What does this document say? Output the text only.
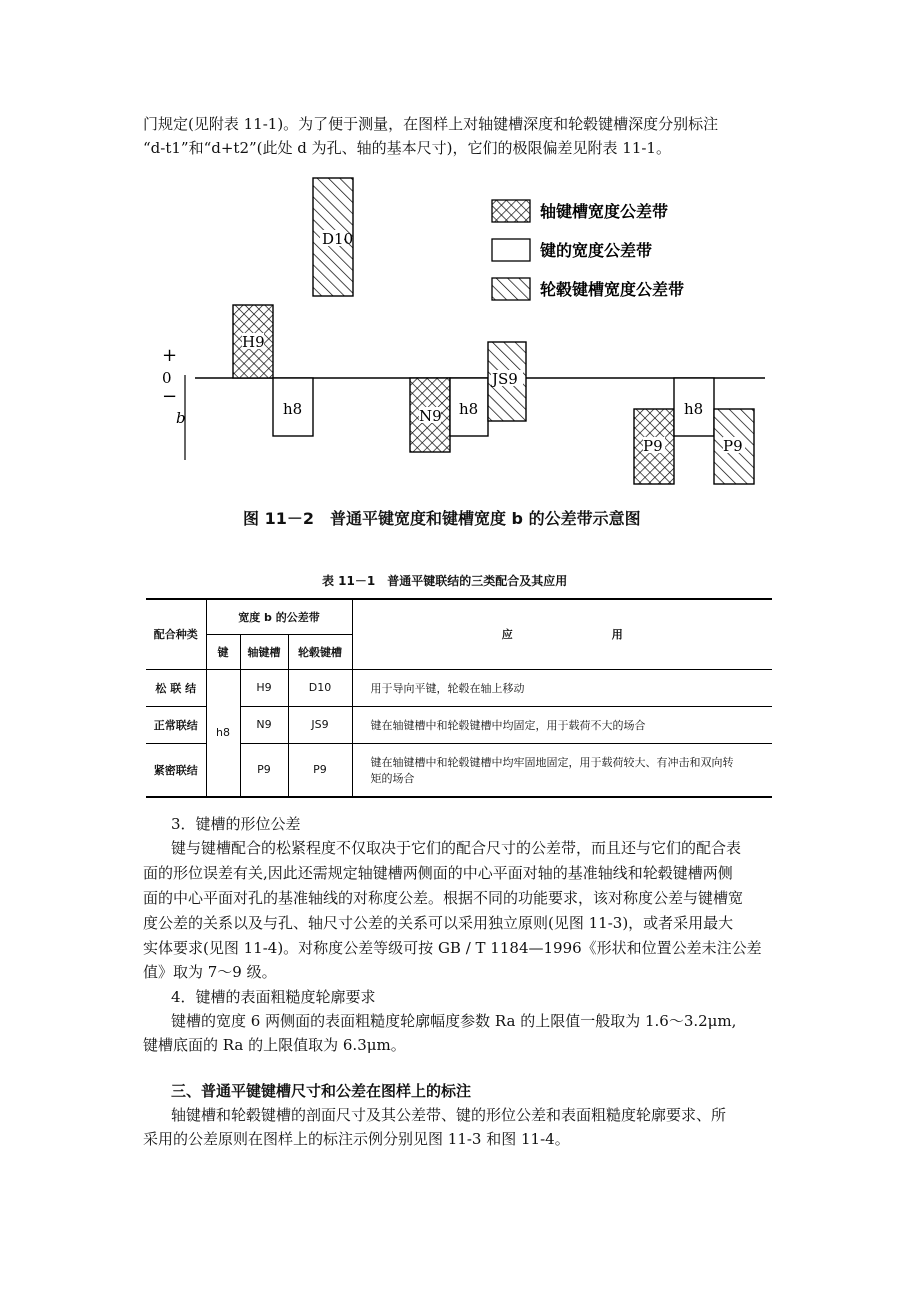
门规定(见附表 11-1)。为了便于测量，在图样上对轴键槽深度和轮毂键槽深度分别标注

“d-t1”和“d+t2”(此处 d 为孔、轴的基本尺寸)，它们的极限偏差见附表 11-1。

+
0
−
b
D10
H9
h8	N9 h8
JS9
P9
h8
P9
轴键槽宽度公差带
键的宽度公差带
轮毂键槽宽度公差带
图 11－2　普通平键宽度和键槽宽度 b 的公差带示意图
表 11－1　普通平键联结的三类配合及其应用
配合种类	宽度 b 的公差带			应　　　　　　　　　用
	键	轴键槽	轮毂键槽	
松 联 结	h8	H9	D10	用于导向平键，轮毂在轴上移动
正常联结		N9	JS9	键在轴键槽中和轮毂键槽中均固定，用于载荷不大的场合
紧密联结		P9	P9	键在轴键槽中和轮毂键槽中均牢固地固定，用于载荷较大、有冲击和双向转
矩的场合

3．键槽的形位公差

键与键槽配合的松紧程度不仅取决于它们的配合尺寸的公差带，而且还与它们的配合表

面的形位误差有关,因此还需规定轴键槽两侧面的中心平面对轴的基准轴线和轮毂键槽两侧

面的中心平面对孔的基准轴线的对称度公差。根据不同的功能要求，该对称度公差与键槽宽

度公差的关系以及与孔、轴尺寸公差的关系可以采用独立原则(见图 11-3)，或者采用最大

实体要求(见图 11-4)。对称度公差等级可按 GB / T 1184—1996《形状和位置公差未注公差

值》取为 7～9 级。

4．键槽的表面粗糙度轮廓要求

键槽的宽度 6 两侧面的表面粗糙度轮廓幅度参数 Ra 的上限值一般取为 1.6～3.2μm,

键槽底面的 Ra 的上限值取为 6.3μm。

三、普通平键键槽尺寸和公差在图样上的标注

轴键槽和轮毂键槽的剖面尺寸及其公差带、键的形位公差和表面粗糙度轮廓要求、所

采用的公差原则在图样上的标注示例分别见图 11-3 和图 11-4。
